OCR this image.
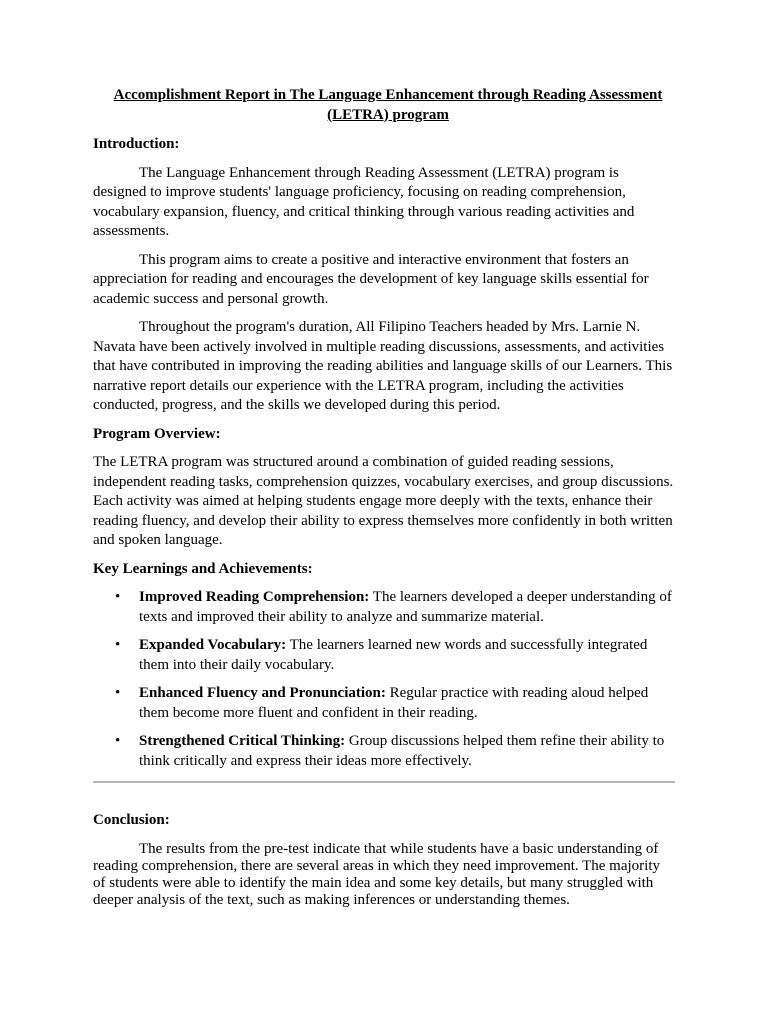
Accomplishment Report in The Language Enhancement through Reading Assessment (LETRA) program
Introduction:

The Language Enhancement through Reading Assessment (LETRA) program is designed to improve students' language proficiency, focusing on reading comprehension, vocabulary expansion, fluency, and critical thinking through various reading activities and assessments.

This program aims to create a positive and interactive environment that fosters an appreciation for reading and encourages the development of key language skills essential for academic success and personal growth.

Throughout the program's duration, All Filipino Teachers headed by Mrs. Larnie N. Navata have been actively involved in multiple reading discussions, assessments, and activities that have contributed in improving the reading abilities and language skills of our Learners. This narrative report details our experience with the LETRA program, including the activities conducted, progress, and the skills we developed during this period.

Program Overview:

The LETRA program was structured around a combination of guided reading sessions, independent reading tasks, comprehension quizzes, vocabulary exercises, and group discussions. Each activity was aimed at helping students engage more deeply with the texts, enhance their reading fluency, and develop their ability to express themselves more confidently in both written and spoken language.

Key Learnings and Achievements:
• Improved Reading Comprehension: The learners developed a deeper understanding of texts and improved their ability to analyze and summarize material.
• Expanded Vocabulary: The learners learned new words and successfully integrated them into their daily vocabulary.
• Enhanced Fluency and Pronunciation: Regular practice with reading aloud helped them become more fluent and confident in their reading.
• Strengthened Critical Thinking: Group discussions helped them refine their ability to think critically and express their ideas more effectively.
Conclusion:

The results from the pre-test indicate that while students have a basic understanding of reading comprehension, there are several areas in which they need improvement. The majority of students were able to identify the main idea and some key details, but many struggled with deeper analysis of the text, such as making inferences or understanding themes.
